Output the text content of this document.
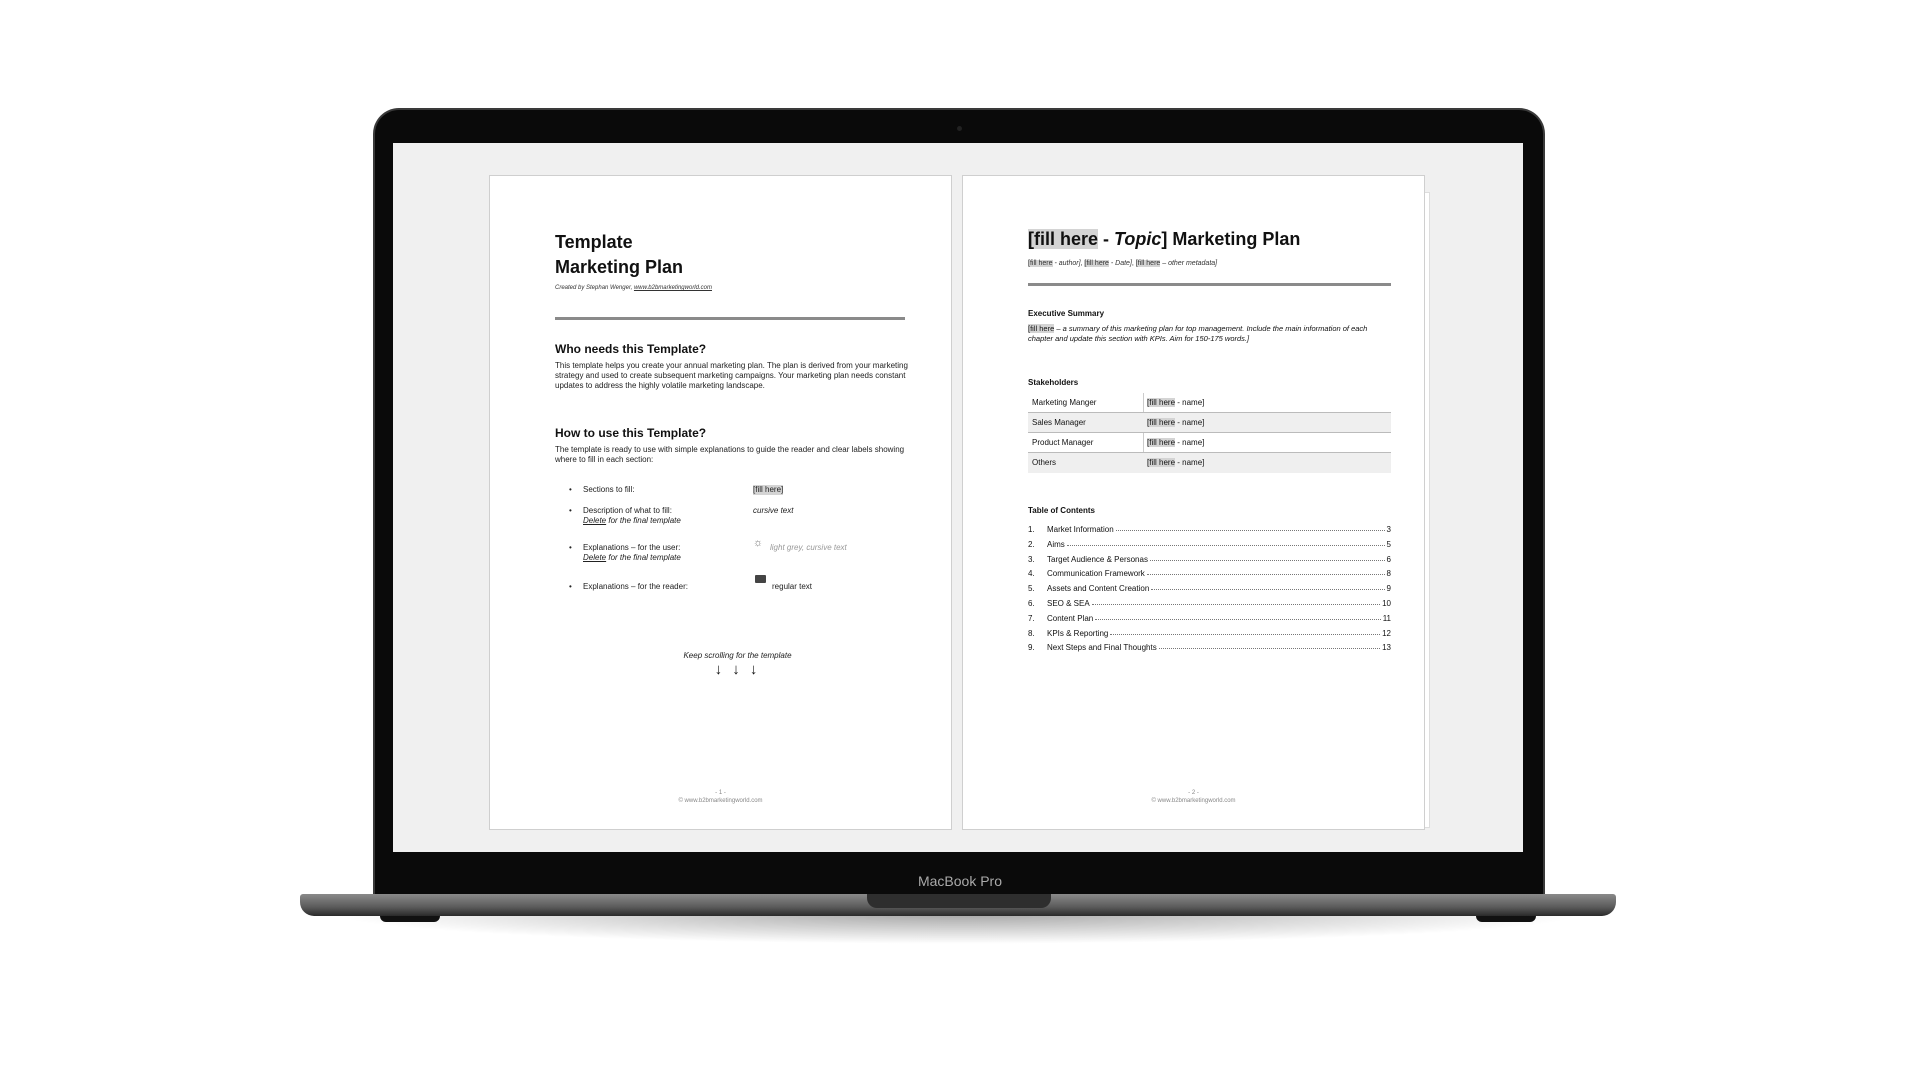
Template
Marketing Plan
Created by Stephan Wenger, www.b2bmarketingworld.com
Who needs this Template?
This template helps you create your annual marketing plan. The plan is derived from your marketing strategy and used to create subsequent marketing campaigns. Your marketing plan needs constant updates to address the highly volatile marketing landscape.
How to use this Template?
The template is ready to use with simple explanations to guide the reader and clear labels showing where to fill in each section:
• Sections to fill:	[fill here]
• Description of what to fill:
Delete for the final template
cursive text
• Explanations – for the user:
Delete for the final template
☼ light grey, cursive text
• Explanations – for the reader:	regular text
Keep scrolling for the template
↓ ↓ ↓
- 1 -
© www.b2bmarketingworld.com
[fill here - Topic] Marketing Plan
[fill here - author], [fill here - Date], [fill here – other metadata]
Executive Summary
[fill here – a summary of this marketing plan for top management. Include the main information of each chapter and update this section with KPIs. Aim for 150-175 words.]
Stakeholders
Marketing Manger	[fill here - name]
Sales Manager	[fill here - name]
Product Manager	[fill here - name]
Others	[fill here - name]
Table of Contents
1.	Market Information	3
2.	Aims	5
3.	Target Audience & Personas	6
4.	Communication Framework	8
5.	Assets and Content Creation	9
6.	SEO & SEA	10
7.	Content Plan	11
8.	KPIs & Reporting	12
9.	Next Steps and Final Thoughts	13
- 2 -
© www.b2bmarketingworld.com
MacBook Pro
